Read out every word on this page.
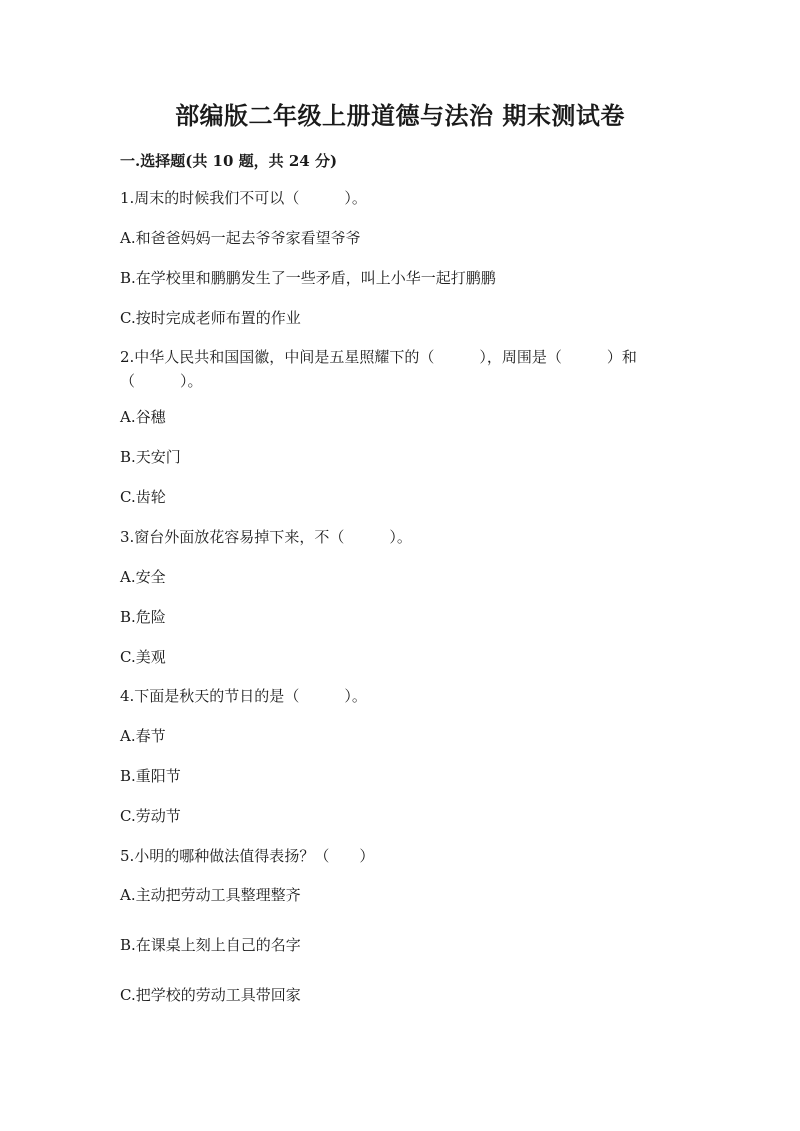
部编版二年级上册道德与法治 期末测试卷
一.选择题(共 10 题，共 24 分)
1.周末的时候我们不可以（　　　）。
A.和爸爸妈妈一起去爷爷家看望爷爷
B.在学校里和鹏鹏发生了一些矛盾，叫上小华一起打鹏鹏
C.按时完成老师布置的作业
2.中华人民共和国国徽，中间是五星照耀下的（　　　），周围是（　　　）和（　　　）。
A.谷穗
B.天安门
C.齿轮
3.窗台外面放花容易掉下来，不（　　　）。
A.安全
B.危险
C.美观
4.下面是秋天的节日的是（　　　）。
A.春节
B.重阳节
C.劳动节
5.小明的哪种做法值得表扬？（　　）
A.主动把劳动工具整理整齐
B.在课桌上刻上自己的名字
C.把学校的劳动工具带回家
